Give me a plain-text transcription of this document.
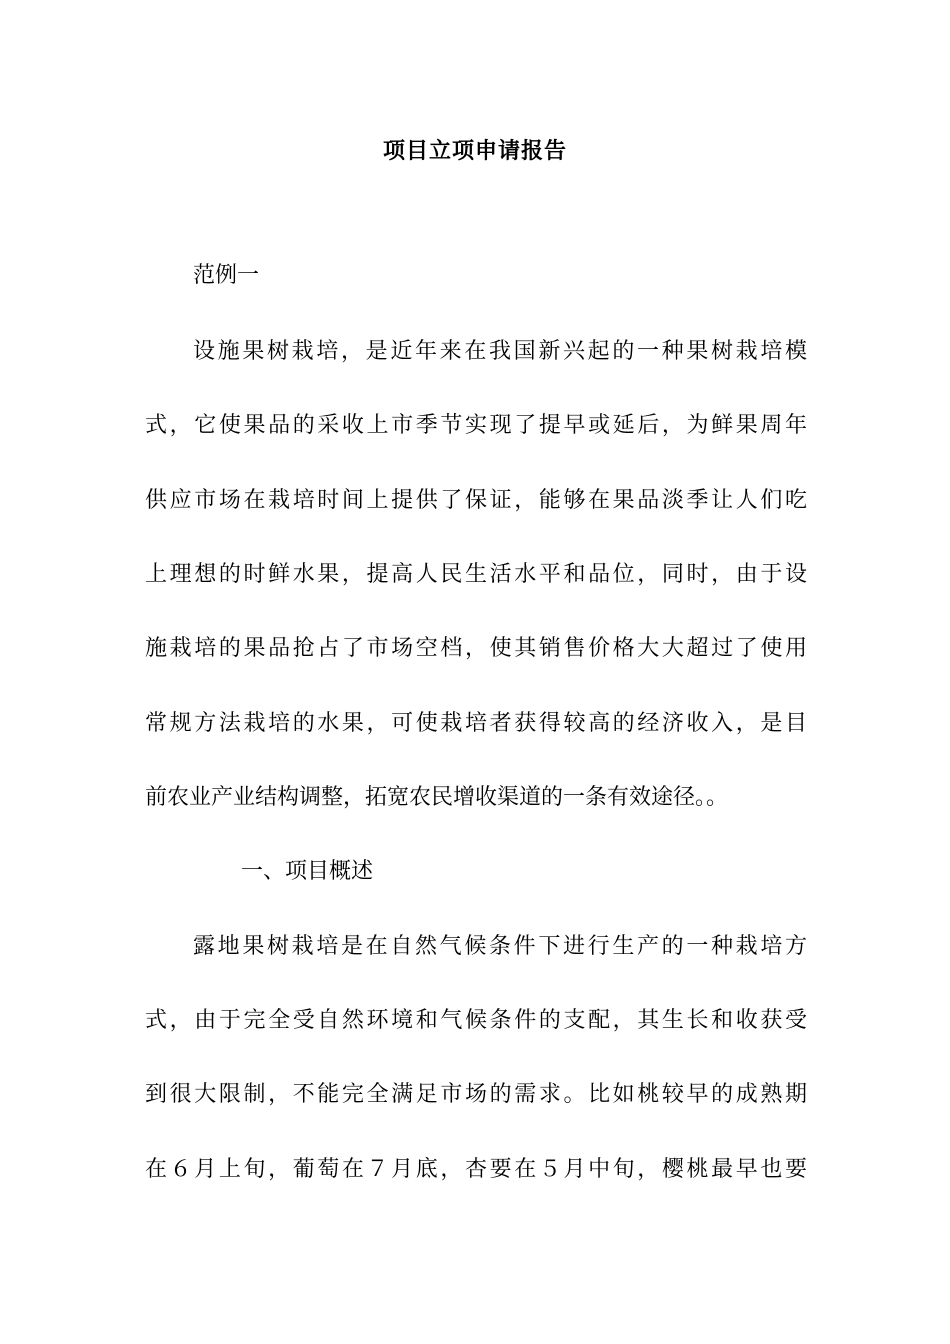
项目立项申请报告
范例一
设施果树栽培，是近年来在我国新兴起的一种果树栽培模
式，它使果品的采收上市季节实现了提早或延后，为鲜果周年
供应市场在栽培时间上提供了保证，能够在果品淡季让人们吃
上理想的时鲜水果，提高人民生活水平和品位，同时，由于设
施栽培的果品抢占了市场空档，使其销售价格大大超过了使用
常规方法栽培的水果，可使栽培者获得较高的经济收入，是目
前农业产业结构调整，拓宽农民增收渠道的一条有效途径。。
一、项目概述
露地果树栽培是在自然气候条件下进行生产的一种栽培方
式，由于完全受自然环境和气候条件的支配，其生长和收获受
到很大限制，不能完全满足市场的需求。比如桃较早的成熟期
在６月上旬，葡萄在７月底，杏要在５月中旬，樱桃最早也要
